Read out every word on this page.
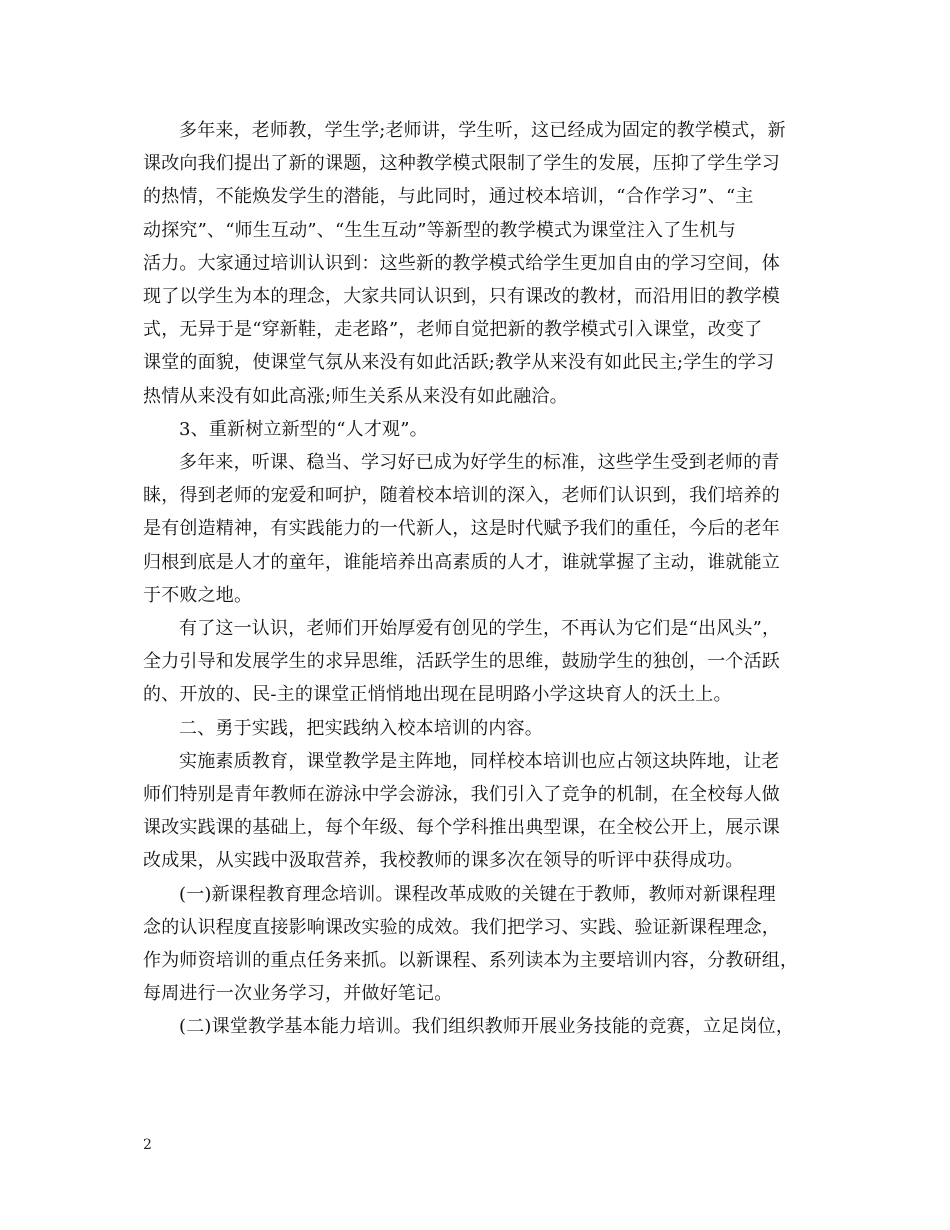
多年来，老师教，学生学;老师讲，学生听，这已经成为固定的教学模式，新
课改向我们提出了新的课题，这种教学模式限制了学生的发展，压抑了学生学习
的热情，不能焕发学生的潜能，与此同时，通过校本培训，“合作学习”、“主
动探究”、“师生互动”、“生生互动”等新型的教学模式为课堂注入了生机与
活力。大家通过培训认识到：这些新的教学模式给学生更加自由的学习空间，体
现了以学生为本的理念，大家共同认识到，只有课改的教材，而沿用旧的教学模
式，无异于是“穿新鞋，走老路”，老师自觉把新的教学模式引入课堂，改变了
课堂的面貌，使课堂气氛从来没有如此活跃;教学从来没有如此民主;学生的学习
热情从来没有如此高涨;师生关系从来没有如此融洽。
3、重新树立新型的“人才观”。
多年来，听课、稳当、学习好已成为好学生的标准，这些学生受到老师的青
睐，得到老师的宠爱和呵护，随着校本培训的深入，老师们认识到，我们培养的
是有创造精神，有实践能力的一代新人，这是时代赋予我们的重任，今后的老年
归根到底是人才的童年，谁能培养出高素质的人才，谁就掌握了主动，谁就能立
于不败之地。
有了这一认识，老师们开始厚爱有创见的学生，不再认为它们是“出风头”，
全力引导和发展学生的求异思维，活跃学生的思维，鼓励学生的独创，一个活跃
的、开放的、民-主的课堂正悄悄地出现在昆明路小学这块育人的沃土上。
二、勇于实践，把实践纳入校本培训的内容。
实施素质教育，课堂教学是主阵地，同样校本培训也应占领这块阵地，让老
师们特别是青年教师在游泳中学会游泳，我们引入了竞争的机制，在全校每人做
课改实践课的基础上，每个年级、每个学科推出典型课，在全校公开上，展示课
改成果，从实践中汲取营养，我校教师的课多次在领导的听评中获得成功。
(一)新课程教育理念培训。课程改革成败的关键在于教师，教师对新课程理
念的认识程度直接影响课改实验的成效。我们把学习、实践、验证新课程理念，
作为师资培训的重点任务来抓。以新课程、系列读本为主要培训内容，分教研组，
每周进行一次业务学习，并做好笔记。
(二)课堂教学基本能力培训。我们组织教师开展业务技能的竞赛，立足岗位，
2
